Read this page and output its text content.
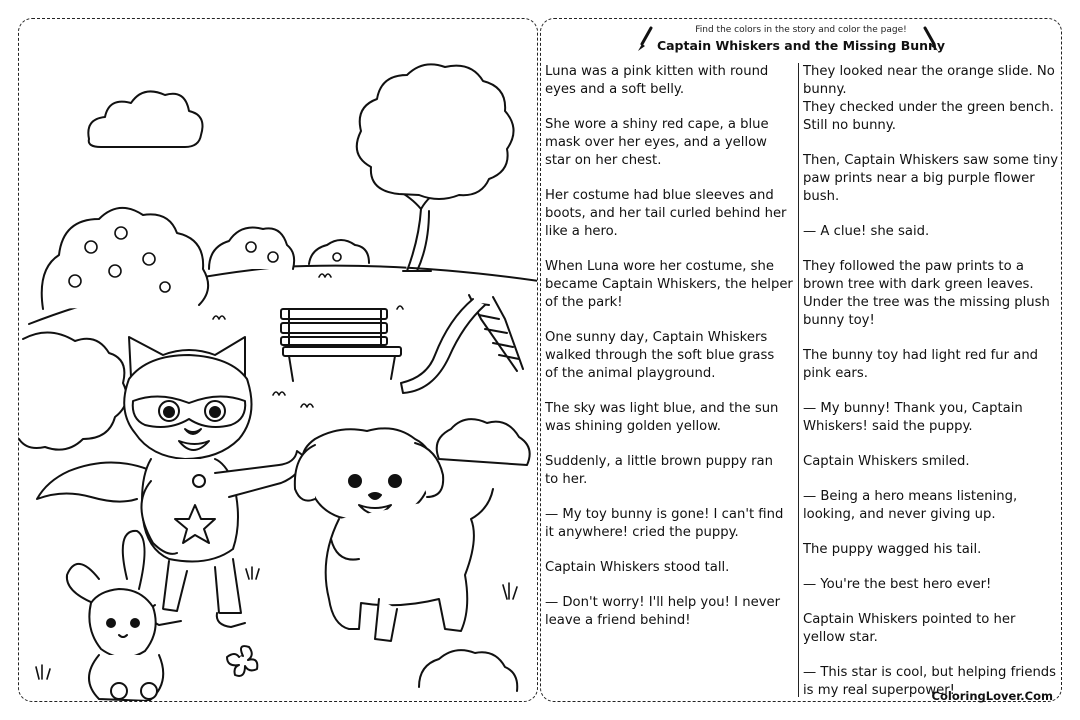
Find the colors in the story and color the page!
Captain Whiskers and the Missing Bunny
Luna was a pink kitten with round
eyes and a soft belly.
She wore a shiny red cape, a blue
mask over her eyes, and a yellow
star on her chest.
Her costume had blue sleeves and
boots, and her tail curled behind her
like a hero.
When Luna wore her costume, she
became Captain Whiskers, the helper
of the park!
One sunny day, Captain Whiskers
walked through the soft blue grass
of the animal playground.
The sky was light blue, and the sun
was shining golden yellow.
Suddenly, a little brown puppy ran
to her.
— My toy bunny is gone! I can't find
it anywhere! cried the puppy.
Captain Whiskers stood tall.
— Don't worry! I'll help you! I never
leave a friend behind!
They looked near the orange slide. No
bunny.
They checked under the green bench.
Still no bunny.
Then, Captain Whiskers saw some tiny
paw prints near a big purple flower
bush.
— A clue! she said.
They followed the paw prints to a
brown tree with dark green leaves.
Under the tree was the missing plush
bunny toy!
The bunny toy had light red fur and
pink ears.
— My bunny! Thank you, Captain
Whiskers! said the puppy.
Captain Whiskers smiled.
— Being a hero means listening,
looking, and never giving up.
The puppy wagged his tail.
— You're the best hero ever!
Captain Whiskers pointed to her
yellow star.
— This star is cool, but helping friends
is my real superpower!
ColoringLover.Com
